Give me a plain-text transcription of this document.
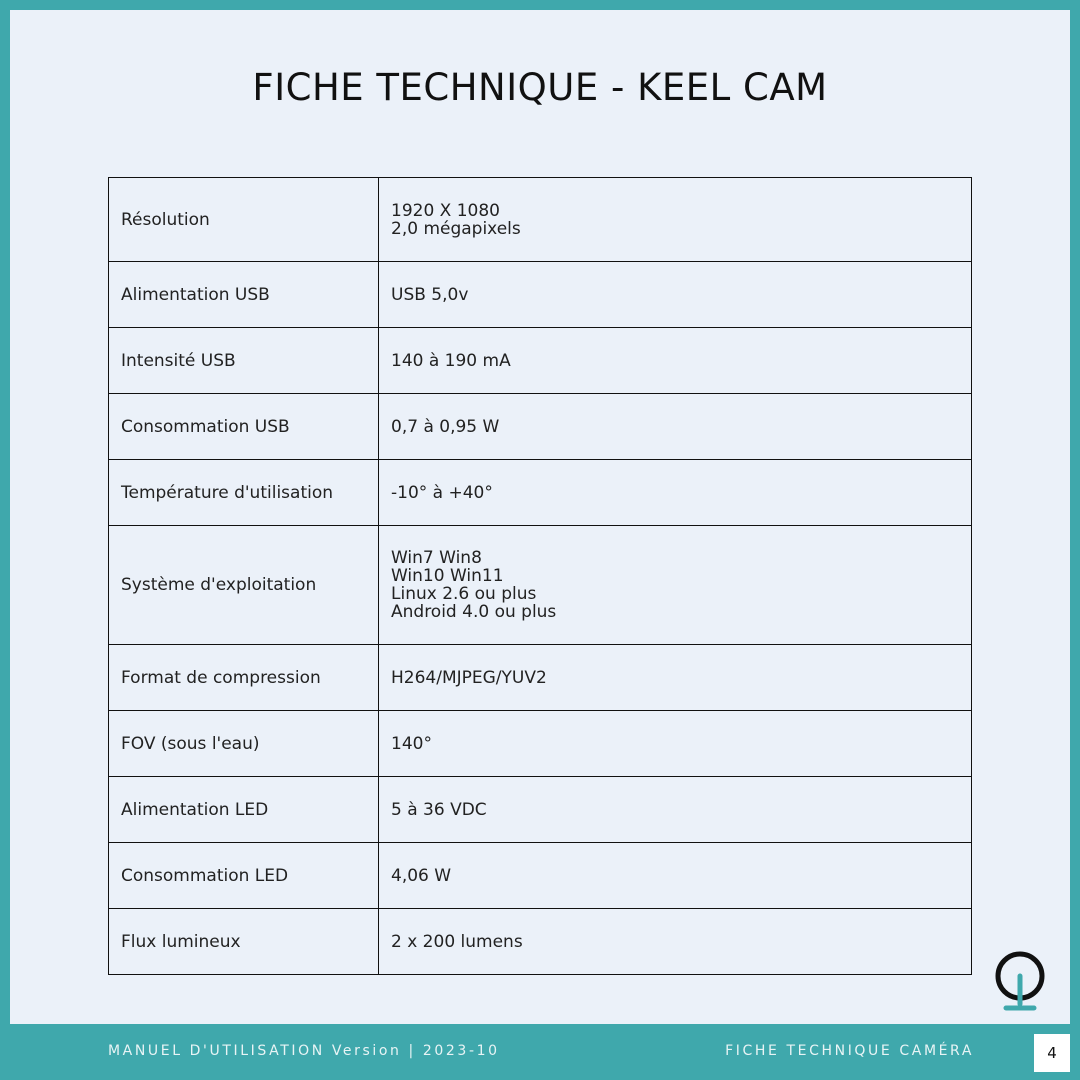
FICHE TECHNIQUE - KEEL CAM
Résolution	1920 X 1080
2,0 mégapixels

Alimentation USB	USB 5,0v

Intensité USB	140 à 190 mA

Consommation USB	0,7 à 0,95 W

Température d'utilisation	-10° à +40°

Système d'exploitation	Win7 Win8
Win10 Win11
Linux 2.6 ou plus
Android 4.0 ou plus

Format de compression	H264/MJPEG/YUV2

FOV (sous l'eau)	140°

Alimentation LED	5 à 36 VDC

Consommation LED	4,06 W

Flux lumineux	2 x 200 lumens
MANUEL D'UTILISATION Version | 2023-10	FICHE TECHNIQUE CAMÉRA	4
